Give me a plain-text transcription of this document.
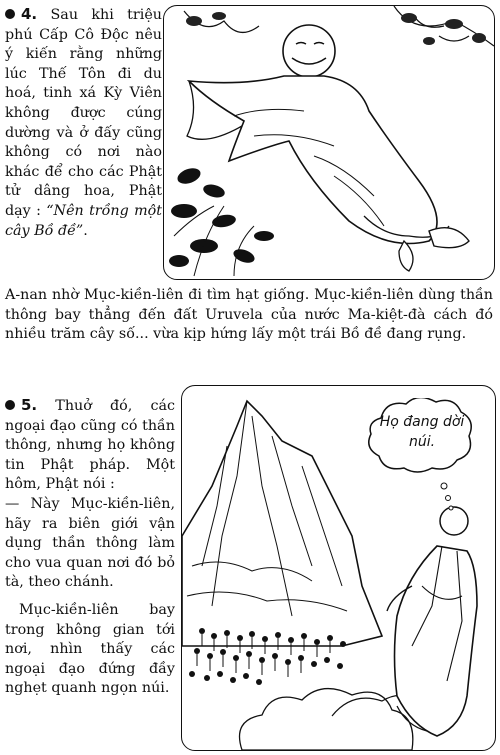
4. Sau khi triệu phú Cấp Cô Độc nêu ý kiến rằng những lúc Thế Tôn đi du hoá, tinh xá Kỳ Viên không được cúng dường và ở đấy cũng không có nơi nào khác để cho các Phật tử dâng hoa, Phật dạy : “Nên trồng một cây Bồ đề”.
A-nan nhờ Mục-kiền-liên đi tìm hạt giống. Mục-kiền-liên dùng thần thông bay thẳng đến đất Uruvela của nước Ma-kiệt-đà cách đó nhiều trăm cây số... vừa kịp hứng lấy một trái Bồ đề đang rụng.

5. Thuở đó, các ngoại đạo cũng có thần thông, nhưng họ không tin Phật pháp. Một hôm, Phật nói :

— Này Mục-kiền-liên, hãy ra biên giới vận dụng thần thông làm cho vua quan nơi đó bỏ tà, theo chánh.

Mục-kiền-liên bay trong không gian tới nơi, nhìn thấy các ngoại đạo đứng đầy nghẹt quanh ngọn núi.

Họ đang dời núi.
